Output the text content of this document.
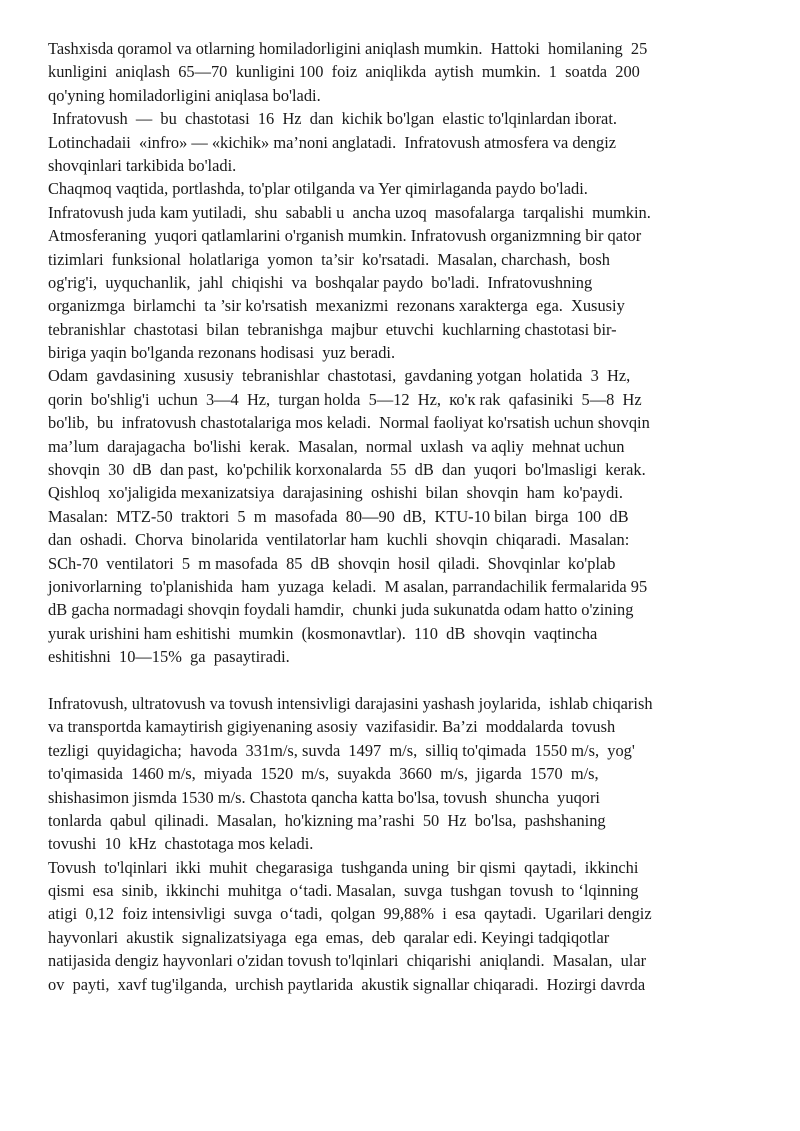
Tashxisda qoramol va otlarning homiladorligini aniqlash mumkin.  Hattoki  homilaning  25
kunligini  aniqlash  65—70  kunligini 100  foiz  aniqlikda  aytish  mumkin.  1  soatda  200
qo'yning homiladorligini aniqlasa bo'ladi.
Infratovush  —  bu  chastotasi  16  Hz  dan  kichik bo'lgan  elastic to'lqinlardan iborat.
Lotinchadaii  «infro» — «kichik» ma’noni anglatadi.  Infratovush atmosfera va dengiz
shovqinlari tarkibida bo'ladi.
Chaqmoq vaqtida, portlashda, to'plar otilganda va Yer qimirlaganda paydo bo'ladi.
Infratovush juda kam yutiladi,  shu  sababli u  ancha uzoq  masofalarga  tarqalishi  mumkin.
Atmosferaning  yuqori qatlamlarini o'rganish mumkin. Infratovush organizmning bir qator
tizimlari  funksional  holatlariga  yomon  ta’sir  ko'rsatadi.  Masalan, charchash,  bosh
og'rig'i,  uyquchanlik,  jahl  chiqishi  va  boshqalar paydo  bo'ladi.  Infratovushning
organizmga  birlamchi  ta ’sir ko'rsatish  mexanizmi  rezonans xarakterga  ega.  Xususiy
tebranishlar  chastotasi  bilan  tebranishga  majbur  etuvchi  kuchlarning chastotasi bir-
biriga yaqin bo'lganda rezonans hodisasi  yuz beradi.
Odam  gavdasining  xususiy  tebranishlar  chastotasi,  gavdaning yotgan  holatida  3  Hz,
qorin  bo'shlig'i  uchun  3—4  Hz,  turgan holda  5—12  Hz,  ко'к rak  qafasiniki  5—8  Hz
bo'lib,  bu  infratovush chastotalariga mos keladi.  Normal faoliyat ko'rsatish uchun shovqin
ma’lum  darajagacha  bo'lishi  kerak.  Masalan,  normal  uxlash  va aqliy  mehnat uchun
shovqin  30  dB  dan past,  ko'pchilik korxonalarda  55  dB  dan  yuqori  bo'lmasligi  kerak.
Qishloq  xo'jaligida mexanizatsiya  darajasining  oshishi  bilan  shovqin  ham  ko'paydi.
Masalan:  MTZ-50  traktori  5  m  masofada  80—90  dB,  KTU-10 bilan  birga  100  dB
dan  oshadi.  Chorva  binolarida  ventilatorlar ham  kuchli  shovqin  chiqaradi.  Masalan:
SCh-70  ventilatori  5  m masofada  85  dB  shovqin  hosil  qiladi.  Shovqinlar  ko'plab
jonivorlarning  to'planishida  ham  yuzaga  keladi.  M asalan, parrandachilik fermalarida 95
dB gacha normadagi shovqin foydali hamdir,  chunki juda sukunatda odam hatto o'zining
yurak urishini ham eshitishi  mumkin  (kosmonavtlar).  110  dB  shovqin  vaqtincha
eshitishni  10—15%  ga  pasaytiradi.
Infratovush, ultratovush va tovush intensivligi darajasini yashash joylarida,  ishlab chiqarish
va transportda kamaytirish gigiyenaning asosiy  vazifasidir. Ba’zi  moddalarda  tovush
tezligi  quyidagicha;  havoda  331m/s, suvda  1497  m/s,  silliq to'qimada  1550 m/s,  yog'
to'qimasida  1460 m/s,  miyada  1520  m/s,  suyakda  3660  m/s,  jigarda  1570  m/s,
shishasimon jismda 1530 m/s. Chastota qancha katta bo'lsa, tovush  shuncha  yuqori
tonlarda  qabul  qilinadi.  Masalan,  ho'kizning ma’rashi  50  Hz  bo'lsa,  pashshaning
tovushi  10  kHz  chastotaga mos keladi.
Tovush  to'lqinlari  ikki  muhit  chegarasiga  tushganda uning  bir qismi  qaytadi,  ikkinchi
qismi  esa  sinib,  ikkinchi  muhitga  o‘tadi. Masalan,  suvga  tushgan  tovush  to ‘lqinning
atigi  0,12  foiz intensivligi  suvga  o‘tadi,  qolgan  99,88%  i  esa  qaytadi.  Ugarilari dengiz
hayvonlari  akustik  signalizatsiyaga  ega  emas,  deb  qaralar edi. Keyingi tadqiqotlar
natijasida dengiz hayvonlari o'zidan tovush to'lqinlari  chiqarishi  aniqlandi.  Masalan,  ular
ov  payti,  xavf tug'ilganda,  urchish paytlarida  akustik signallar chiqaradi.  Hozirgi davrda
